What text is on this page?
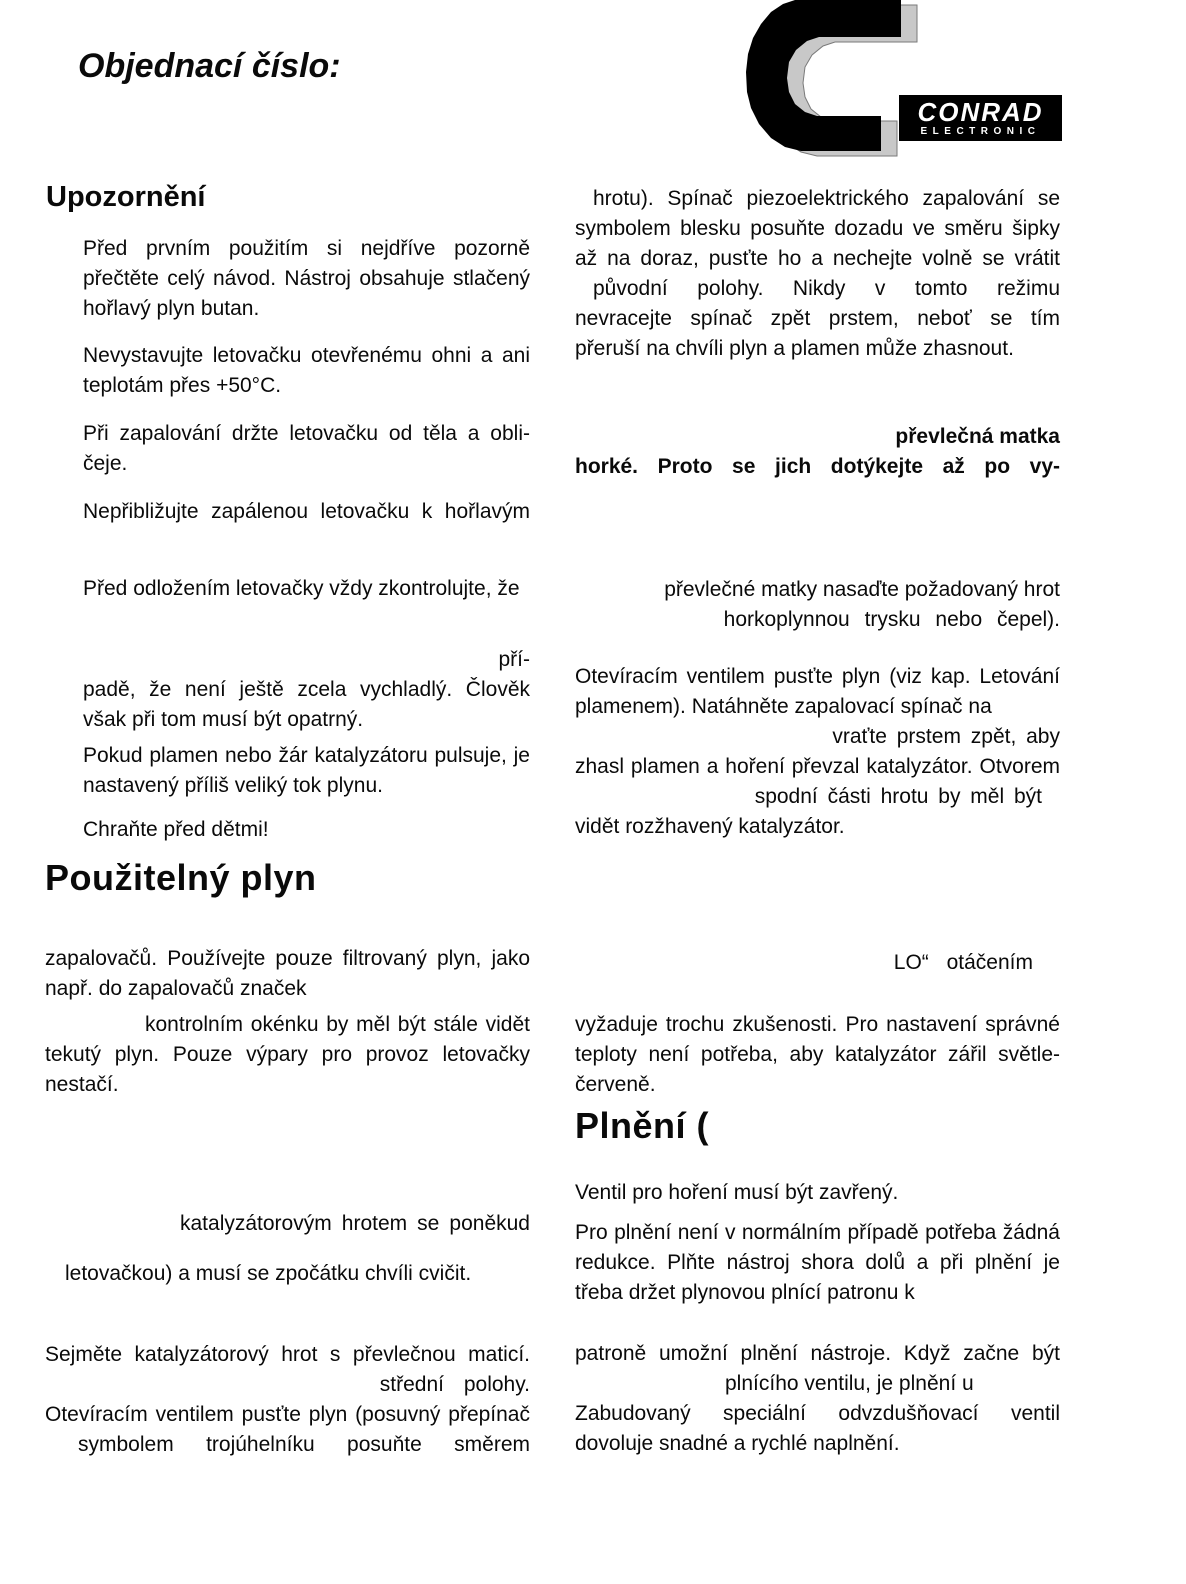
Objednací číslo:
CONRAD
ELECTRONIC
Upozornění
Před prvním použitím si nejdříve pozorně přečtěte celý návod. Nástroj obsahuje stlačený hořlavý plyn butan.
Nevystavujte letovačku otevřenému ohni a ani teplotám přes +50°C.
Při zapalování držte letovačku od těla a obli-čeje.
Nepřibližujte zapálenou letovačku k hořlavým
Před odložením letovačky vždy zkontrolujte, že
pří-
padě, že není ještě zcela vychladlý. Člověk však při tom musí být opatrný.
Pokud plamen nebo žár katalyzátoru pulsuje, je nastavený příliš veliký tok plynu.
Chraňte před dětmi!
Použitelný plyn
zapalovačů. Používejte pouze filtrovaný plyn, jako např. do zapalovačů značek
kontrolním okénku by měl být stále vidět
tekutý plyn. Pouze výpary pro provoz letovačky nestačí.
katalyzátorovým hrotem se poněkud
letovačkou) a musí se zpočátku chvíli cvičit.
Sejměte katalyzátorový hrot s převlečnou maticí.
střední polohy.
Otevíracím ventilem pusťte plyn (posuvný přepínač
symbolem trojúhelníku posuňte směrem
hrotu). Spínač piezoelektrického zapalování se
symbolem blesku posuňte dozadu ve směru šipky
až na doraz, pusťte ho a nechejte volně se vrátit
původní polohy. Nikdy v tomto režimu
nevracejte spínač zpět prstem, neboť se tím
přeruší na chvíli plyn a plamen může zhasnout.
převlečná matka
horké. Proto se jich dotýkejte až po vy-
převlečné matky nasaďte požadovaný hrot
horkoplynnou trysku nebo čepel).
Otevíracím ventilem pusťte plyn (viz kap. Letování
plamenem). Natáhněte zapalovací spínač na
vraťte prstem zpět, aby
zhasl plamen a hoření převzal katalyzátor. Otvorem
spodní části hrotu by měl být
vidět rozžhavený katalyzátor.
LO“ otáčením
vyžaduje trochu zkušenosti. Pro nastavení správné teploty není potřeba, aby katalyzátor zářil světle-červeně.
Plnění (
Ventil pro hoření musí být zavřený.
Pro plnění není v normálním případě potřeba žádná redukce. Plňte nástroj shora dolů a při plnění je třeba držet plynovou plnící patronu k
patroně umožní plnění nástroje. Když začne být
plnícího ventilu, je plnění u
Zabudovaný speciální odvzdušňovací ventil
dovoluje snadné a rychlé naplnění.
